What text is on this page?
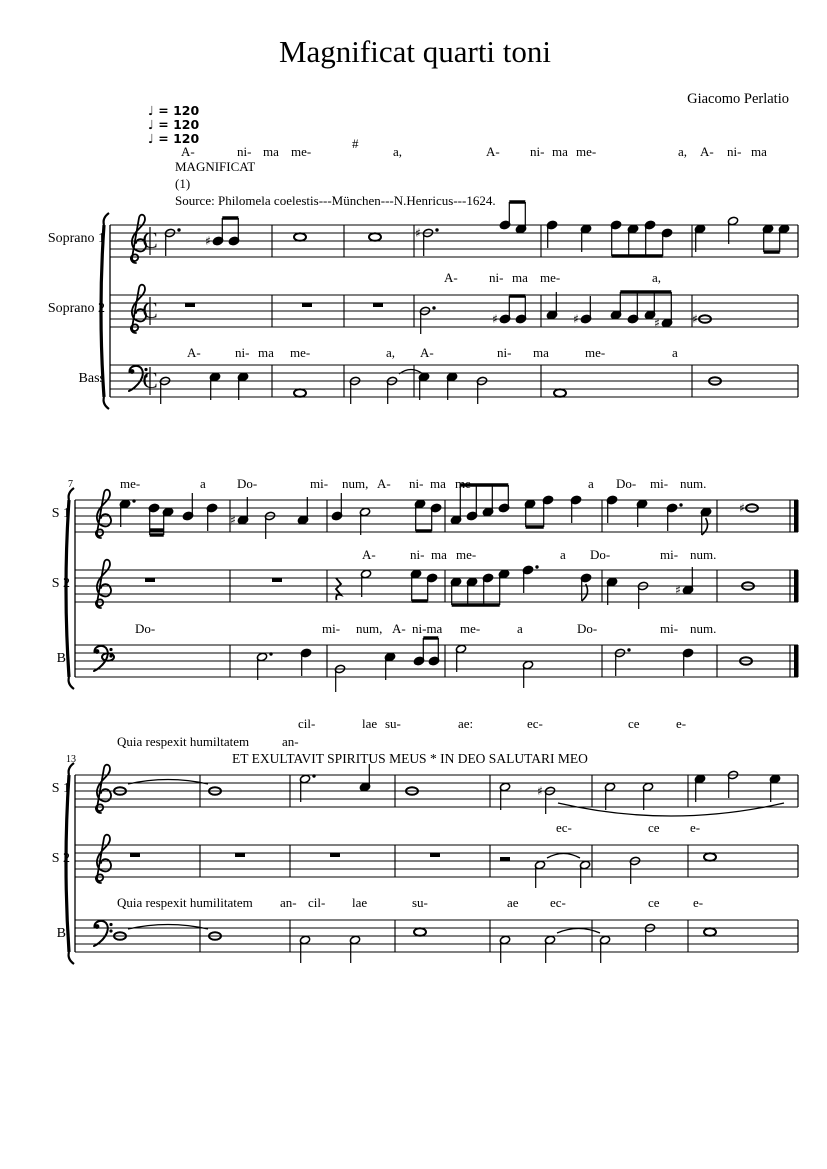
Magnificat quarti toni
Giacomo Perlatio
C	♯
♯
C	♯	♯	♯	♯
C
♯
♯
♯
♯
♩ = 120
♩ = 120
♩ = 120
A-	ni- ma me-
#
a,	A- ni- ma me-	a, A- ni- ma
MAGNIFICAT
(1)
Source: Philomela coelestis---München---N.Henricus---1624.
A- ni- ma me-	a,
A-	ni- ma me-	a, A-	ni- ma	me-	a
7
13
me-	a Do-	mi- num, A- ni- ma me-	a Do- mi- num.
A-	ni- ma me-	a Do-	mi- num.
Do-	mi- num, A- ni-ma me-	a	Do-	mi- num.
cil-	lae su-	ae:	ec-	ce	e-
Quia respexit humiltatem	an-
ET EXULTAVIT SPIRITUS MEUS * IN DEO SALUTARI MEO
ec-	ce e-
Quia respexit humilitatem an- cil- lae	su-	ae ec-	ce	e-
Soprano 1
Soprano 2
Bass
S 1
S 2
B
S 1
S 2
B
